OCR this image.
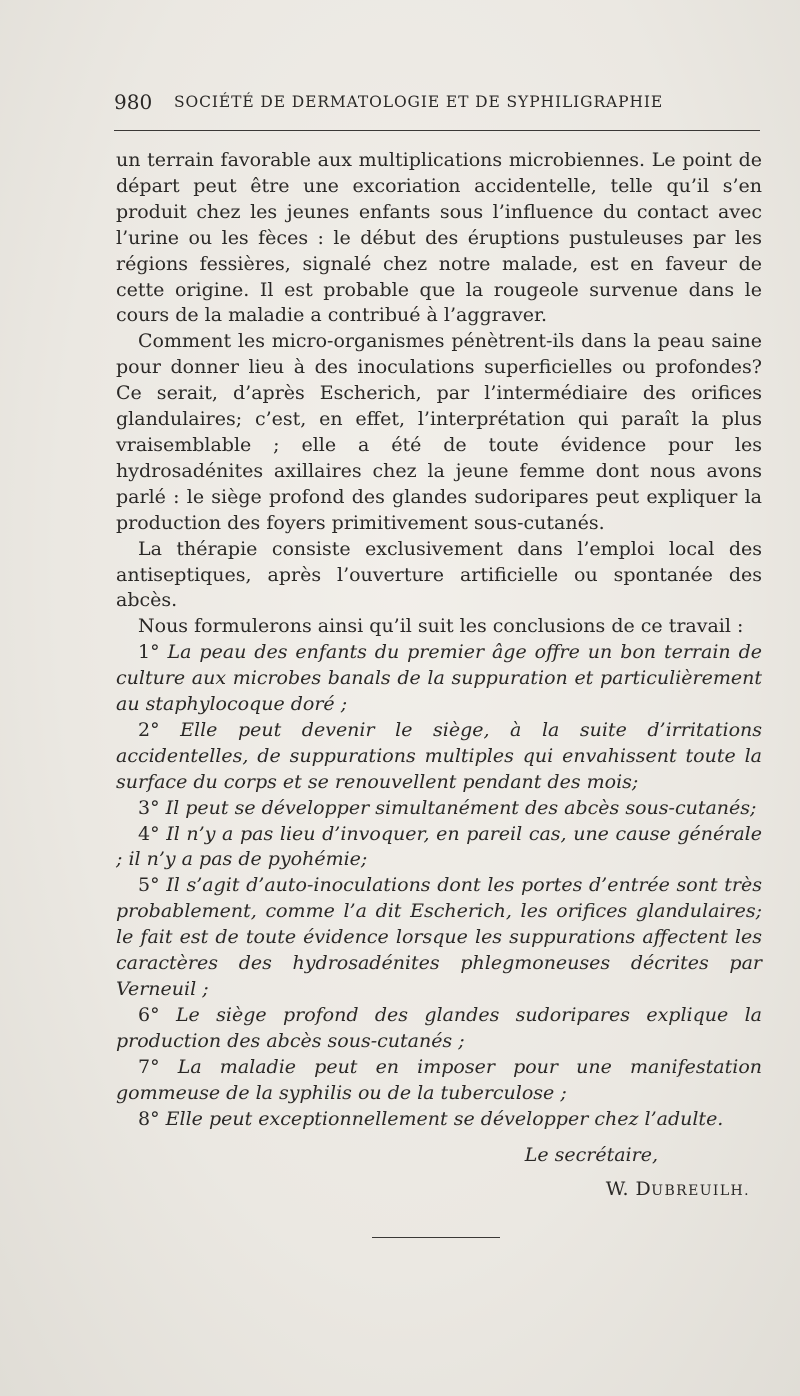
980 SOCIÉTÉ DE DERMATOLOGIE ET DE SYPHILIGRAPHIE

un terrain favorable aux multiplications microbiennes. Le point de départ peut être une excoriation accidentelle, telle qu’il s’en produit chez les jeunes enfants sous l’influence du contact avec l’urine ou les fèces : le début des éruptions pustuleuses par les régions fessières, signalé chez notre malade, est en faveur de cette origine. Il est probable que la rougeole survenue dans le cours de la maladie a contribué à l’aggraver.

Comment les micro-organismes pénètrent-ils dans la peau saine pour donner lieu à des inoculations superficielles ou profondes? Ce serait, d’après Escherich, par l’intermédiaire des orifices glandulaires; c’est, en effet, l’interprétation qui paraît la plus vraisemblable ; elle a été de toute évidence pour les hydrosadénites axillaires chez la jeune femme dont nous avons parlé : le siège profond des glandes sudoripares peut expliquer la production des foyers primitivement sous-cutanés.

La thérapie consiste exclusivement dans l’emploi local des antiseptiques, après l’ouverture artificielle ou spontanée des abcès.

Nous formulerons ainsi qu’il suit les conclusions de ce travail :

1° La peau des enfants du premier âge offre un bon terrain de culture aux microbes banals de la suppuration et particulièrement au staphylocoque doré ;

2° Elle peut devenir le siège, à la suite d’irritations accidentelles, de suppurations multiples qui envahissent toute la surface du corps et se renouvellent pendant des mois;

3° Il peut se développer simultanément des abcès sous-cutanés;

4° Il n’y a pas lieu d’invoquer, en pareil cas, une cause générale ; il n’y a pas de pyohémie;

5° Il s’agit d’auto-inoculations dont les portes d’entrée sont très probablement, comme l’a dit Escherich, les orifices glandulaires; le fait est de toute évidence lorsque les suppurations affectent les caractères des hydrosadénites phlegmoneuses décrites par Verneuil ;

6° Le siège profond des glandes sudoripares explique la production des abcès sous-cutanés ;

7° La maladie peut en imposer pour une manifestation gommeuse de la syphilis ou de la tuberculose ;

8° Elle peut exceptionnellement se développer chez l’adulte.

Le secrétaire,
W. DUBREUILH.
